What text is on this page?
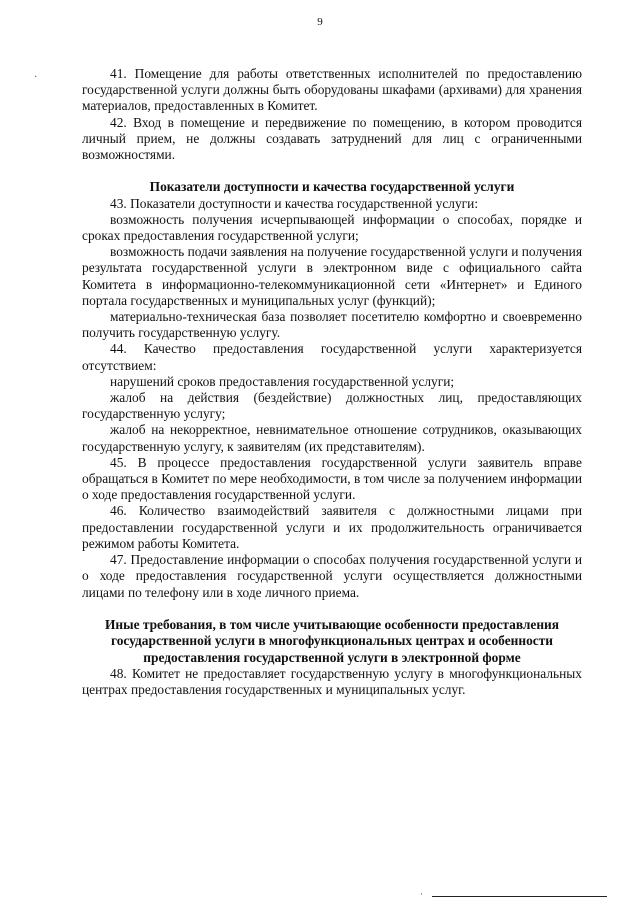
9
·	41. Помещение для работы ответственных исполнителей по предоставлению государственной услуги должны быть оборудованы шкафами (архивами) для хранения материалов, предоставленных в Комитет.

42. Вход в помещение и передвижение по помещению, в котором проводится личный прием, не должны создавать затруднений для лиц с ограниченными возможностями.

Показатели доступности и качества государственной услуги

43. Показатели доступности и качества государственной услуги:

возможность получения исчерпывающей информации о способах, порядке и сроках предоставления государственной услуги;

возможность подачи заявления на получение государственной услуги и получения результата государственной услуги в электронном виде с официального сайта Комитета в информационно-телекоммуникационной сети «Интернет» и Единого портала государственных и муниципальных услуг (функций);

материально-техническая база позволяет посетителю комфортно и своевременно получить государственную услугу.

44. Качество предоставления государственной услуги характеризуется отсутствием:

нарушений сроков предоставления государственной услуги;

жалоб на действия (бездействие) должностных лиц, предоставляющих государственную услугу;

жалоб на некорректное, невнимательное отношение сотрудников, оказывающих государственную услугу, к заявителям (их представителям).

45. В процессе предоставления государственной услуги заявитель вправе обращаться в Комитет по мере необходимости, в том числе за получением информации о ходе предоставления государственной услуги.

46. Количество взаимодействий заявителя с должностными лицами при предоставлении государственной услуги и их продолжительность ограничивается режимом работы Комитета.

47. Предоставление информации о способах получения государственной услуги и о ходе предоставления государственной услуги осуществляется должностными лицами по телефону или в ходе личного приема.

Иные требования, в том числе учитывающие особенности предоставления государственной услуги в многофункциональных центрах и особенности предоставления государственной услуги в электронной форме

48. Комитет не предоставляет государственную услугу в многофункциональных центрах предоставления государственных и муниципальных услуг.

·
